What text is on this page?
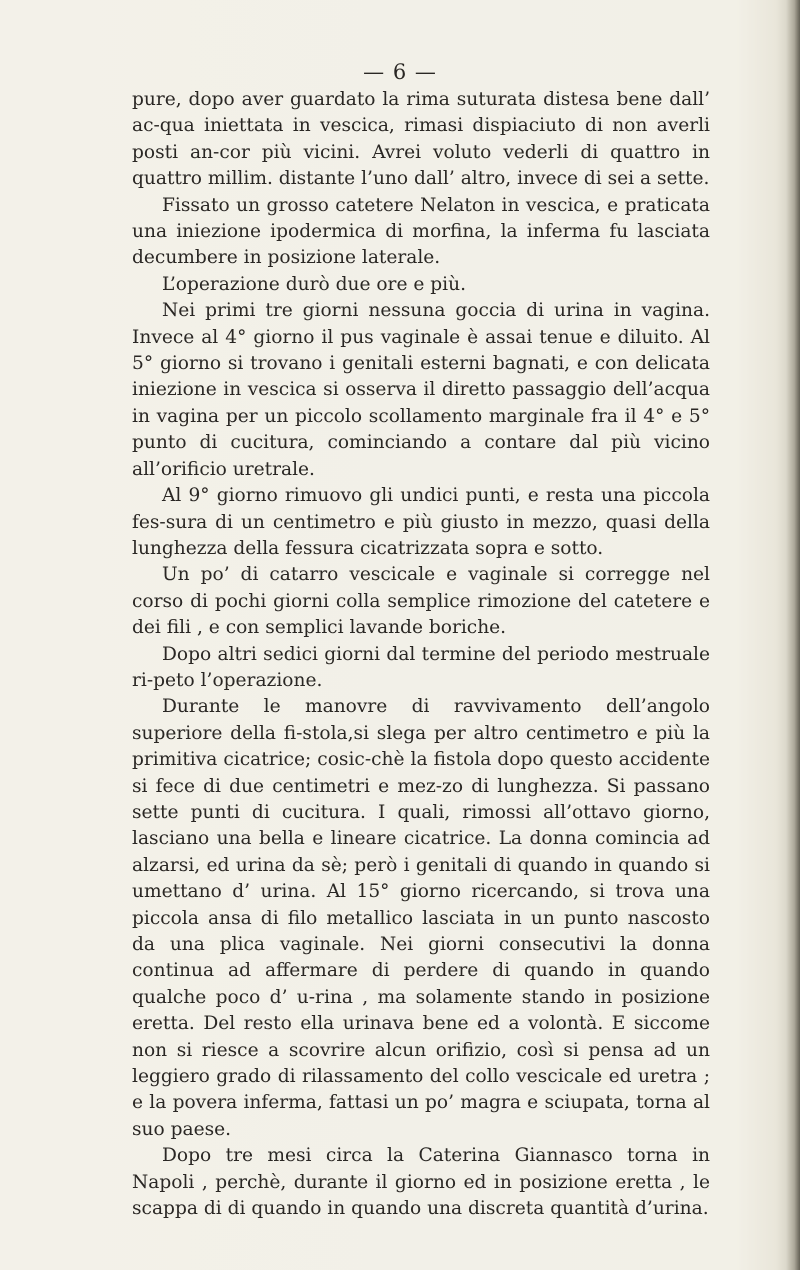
— 6 —

pure, dopo aver guardato la rima suturata distesa bene dall’ ac-qua iniettata in vescica, rimasi dispiaciuto di non averli posti an-cor più vicini. Avrei voluto vederli di quattro in quattro millim. distante l’uno dall’ altro, invece di sei a sette.

Fissato un grosso catetere Nelaton in vescica, e praticata una iniezione ipodermica di morfina, la inferma fu lasciata decumbere in posizione laterale.

L’operazione durò due ore e più.

Nei primi tre giorni nessuna goccia di urina in vagina. Invece al 4° giorno il pus vaginale è assai tenue e diluito. Al 5° giorno si trovano i genitali esterni bagnati, e con delicata iniezione in vescica si osserva il diretto passaggio dell’acqua in vagina per un piccolo scollamento marginale fra il 4° e 5° punto di cucitura, cominciando a contare dal più vicino all’orificio uretrale.

Al 9° giorno rimuovo gli undici punti, e resta una piccola fes-sura di un centimetro e più giusto in mezzo, quasi della lunghezza della fessura cicatrizzata sopra e sotto.

Un po’ di catarro vescicale e vaginale si corregge nel corso di pochi giorni colla semplice rimozione del catetere e dei fili , e con semplici lavande boriche.

Dopo altri sedici giorni dal termine del periodo mestruale ri-peto l’operazione.

Durante le manovre di ravvivamento dell’angolo superiore della fi-stola,si slega per altro centimetro e più la primitiva cicatrice; cosic-chè la fistola dopo questo accidente si fece di due centimetri e mez-zo di lunghezza. Si passano sette punti di cucitura. I quali, rimossi all’ottavo giorno, lasciano una bella e lineare cicatrice. La donna comincia ad alzarsi, ed urina da sè; però i genitali di quando in quando si umettano d’ urina. Al 15° giorno ricercando, si trova una piccola ansa di filo metallico lasciata in un punto nascosto da una plica vaginale. Nei giorni consecutivi la donna continua ad affermare di perdere di quando in quando qualche poco d’ u-rina , ma solamente stando in posizione eretta. Del resto ella urinava bene ed a volontà. E siccome non si riesce a scovrire alcun orifizio, così si pensa ad un leggiero grado di rilassamento del collo vescicale ed uretra ; e la povera inferma, fattasi un po’ magra e sciupata, torna al suo paese.

Dopo tre mesi circa la Caterina Giannasco torna in Napoli , perchè, durante il giorno ed in posizione eretta , le scappa di di quando in quando una discreta quantità d’urina.
